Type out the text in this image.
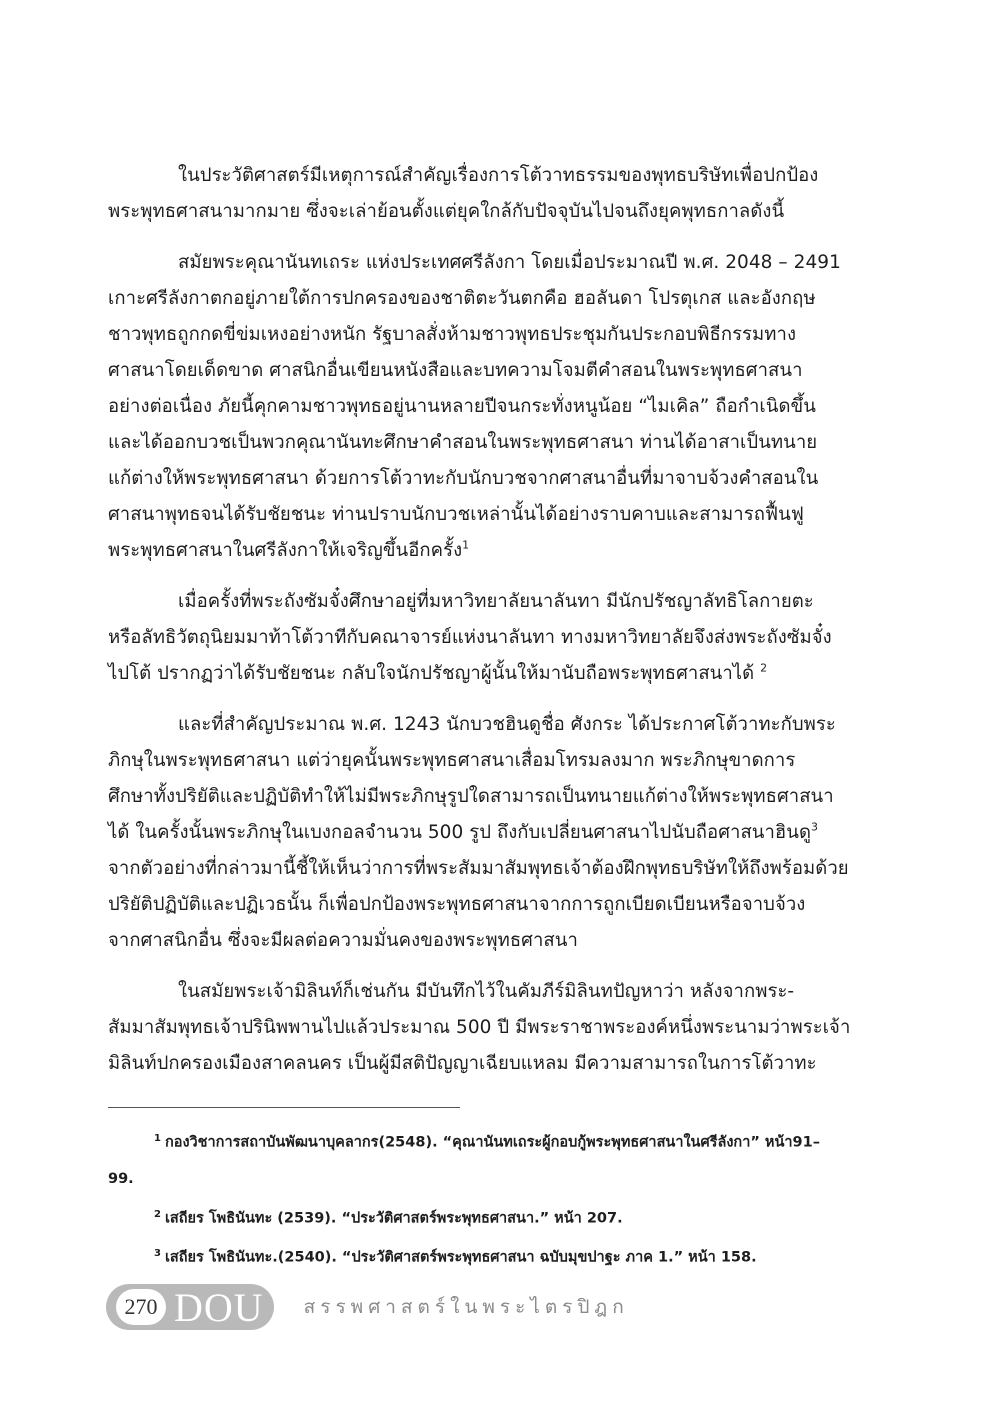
ในประวัติศาสตร์มีเหตุการณ์สำคัญเรื่องการโต้วาทธรรมของพุทธบริษัทเพื่อปกป้อง
พระพุทธศาสนามากมาย ซึ่งจะเล่าย้อนตั้งแต่ยุคใกล้กับปัจจุบันไปจนถึงยุคพุทธกาลดังนี้
สมัยพระคุณานันทเถระ แห่งประเทศศรีลังกา โดยเมื่อประมาณปี พ.ศ. 2048 – 2491
เกาะศรีลังกาตกอยู่ภายใต้การปกครองของชาติตะวันตกคือ ฮอลันดา โปรตุเกส และอังกฤษ
ชาวพุทธถูกกดขี่ข่มเหงอย่างหนัก รัฐบาลสั่งห้ามชาวพุทธประชุมกันประกอบพิธีกรรมทาง
ศาสนาโดยเด็ดขาด ศาสนิกอื่นเขียนหนังสือและบทความโจมตีคำสอนในพระพุทธศาสนา
อย่างต่อเนื่อง ภัยนี้คุกคามชาวพุทธอยู่นานหลายปีจนกระทั่งหนูน้อย “ไมเคิล” ถือกำเนิดขึ้น
และได้ออกบวชเป็นพวกคุณานันทะศึกษาคำสอนในพระพุทธศาสนา ท่านได้อาสาเป็นทนาย
แก้ต่างให้พระพุทธศาสนา ด้วยการโต้วาทะกับนักบวชจากศาสนาอื่นที่มาจาบจ้วงคำสอนใน
ศาสนาพุทธจนได้รับชัยชนะ ท่านปราบนักบวชเหล่านั้นได้อย่างราบคาบและสามารถฟื้นฟู
พระพุทธศาสนาในศรีลังกาให้เจริญขึ้นอีกครั้ง$^1$
เมื่อครั้งที่พระถังซัมจั๋งศึกษาอยู่ที่มหาวิทยาลัยนาลันทา มีนักปรัชญาลัทธิโลกายตะ
หรือลัทธิวัตถุนิยมมาท้าโต้วาทีกับคณาจารย์แห่งนาลันทา ทางมหาวิทยาลัยจึงส่งพระถังซัมจั๋ง
ไปโต้ ปรากฏว่าได้รับชัยชนะ กลับใจนักปรัชญาผู้นั้นให้มานับถือพระพุทธศาสนาได้ $^2$
และที่สำคัญประมาณ พ.ศ. 1243 นักบวชฮินดูชื่อ ศังกระ ได้ประกาศโต้วาทะกับพระ
ภิกษุในพระพุทธศาสนา แต่ว่ายุคนั้นพระพุทธศาสนาเสื่อมโทรมลงมาก พระภิกษุขาดการ
ศึกษาทั้งปริยัติและปฏิบัติทำให้ไม่มีพระภิกษุรูปใดสามารถเป็นทนายแก้ต่างให้พระพุทธศาสนา
ได้ ในครั้งนั้นพระภิกษุในเบงกอลจำนวน 500 รูป ถึงกับเปลี่ยนศาสนาไปนับถือศาสนาฮินดู$^3$
จากตัวอย่างที่กล่าวมานี้ชี้ให้เห็นว่าการที่พระสัมมาสัมพุทธเจ้าต้องฝึกพุทธบริษัทให้ถึงพร้อมด้วย
ปริยัติปฏิบัติและปฏิเวธนั้น ก็เพื่อปกป้องพระพุทธศาสนาจากการถูกเบียดเบียนหรือจาบจ้วง
จากศาสนิกอื่น ซึ่งจะมีผลต่อความมั่นคงของพระพุทธศาสนา
ในสมัยพระเจ้ามิลินท์ก็เช่นกัน มีบันทึกไว้ในคัมภีร์มิลินทปัญหาว่า หลังจากพระ-
สัมมาสัมพุทธเจ้าปรินิพพานไปแล้วประมาณ 500 ปี มีพระราชาพระองค์หนึ่งพระนามว่าพระเจ้า
มิลินท์ปกครองเมืองสาคลนคร เป็นผู้มีสติปัญญาเฉียบแหลม มีความสามารถในการโต้วาทะ
$^1$ กองวิชาการสถาบันพัฒนาบุคลากร(2548). “คุณานันทเถระผู้กอบกู้พระพุทธศาสนาในศรีลังกา” หน้า91–
99.
$^2$ เสถียร โพธินันทะ (2539). “ประวัติศาสตร์พระพุทธศาสนา.” หน้า 207.
$^3$ เสถียร โพธินันทะ.(2540). “ประวัติศาสตร์พระพุทธศาสนา ฉบับมุขปาฐะ ภาค 1.” หน้า 158.
270 DOU สรรพศาสตร์ในพระไตรปิฎก
